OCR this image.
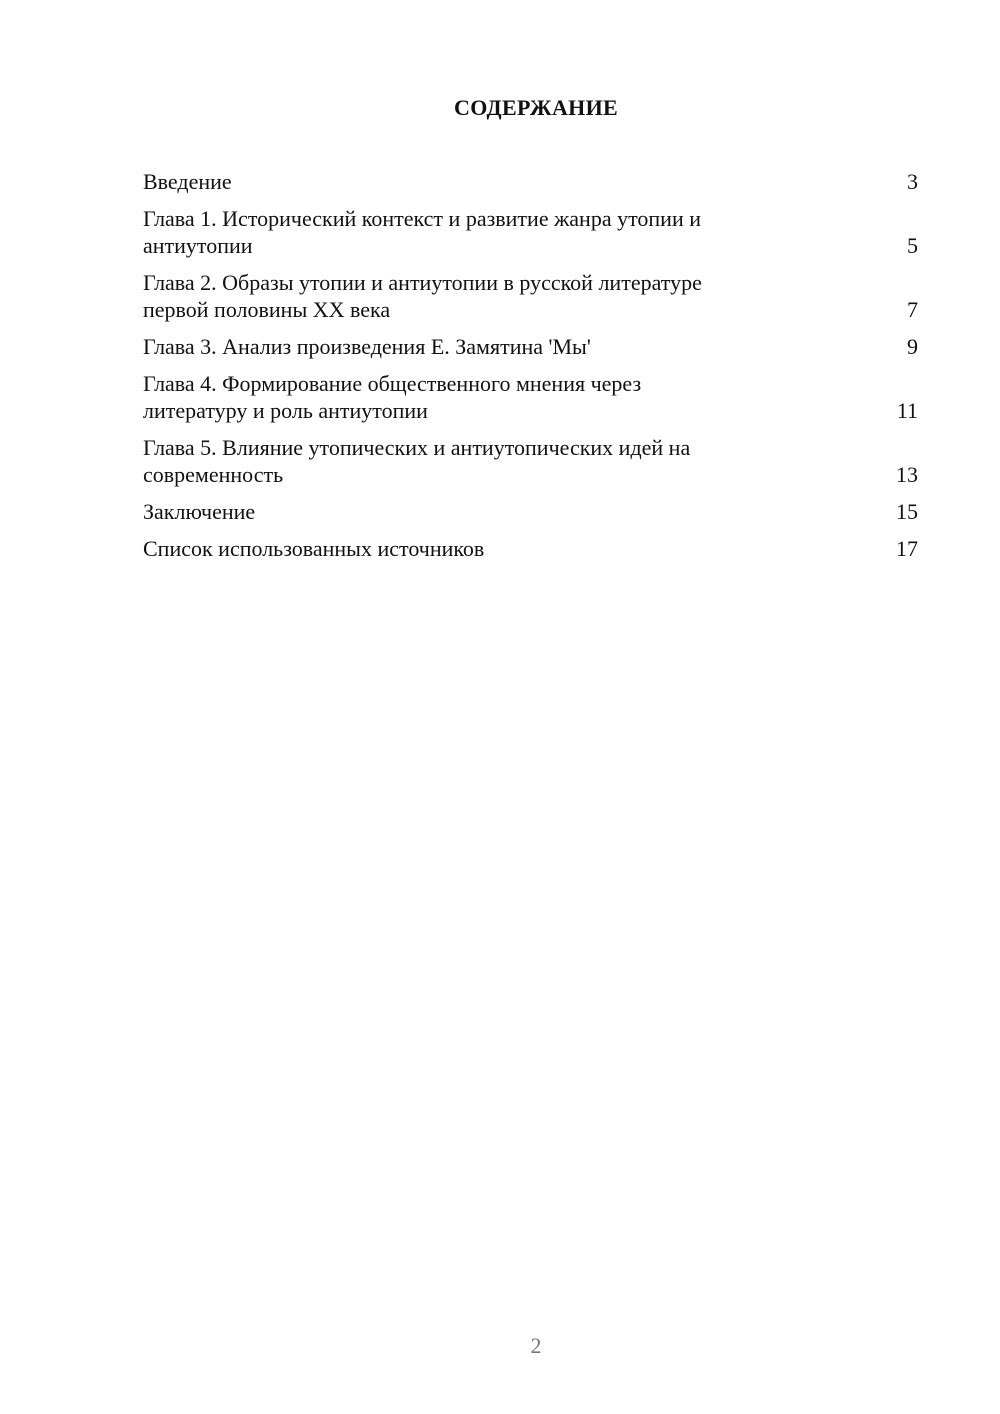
СОДЕРЖАНИЕ
Введение	3
Глава 1. Исторический контекст и развитие жанра утопии и
антиутопии	5
Глава 2. Образы утопии и антиутопии в русской литературе
первой половины XX века	7
Глава 3. Анализ произведения Е. Замятина 'Мы'	9
Глава 4. Формирование общественного мнения через
литературу и роль антиутопии	11
Глава 5. Влияние утопических и антиутопических идей на
современность	13
Заключение	15
Список использованных источников	17
2
